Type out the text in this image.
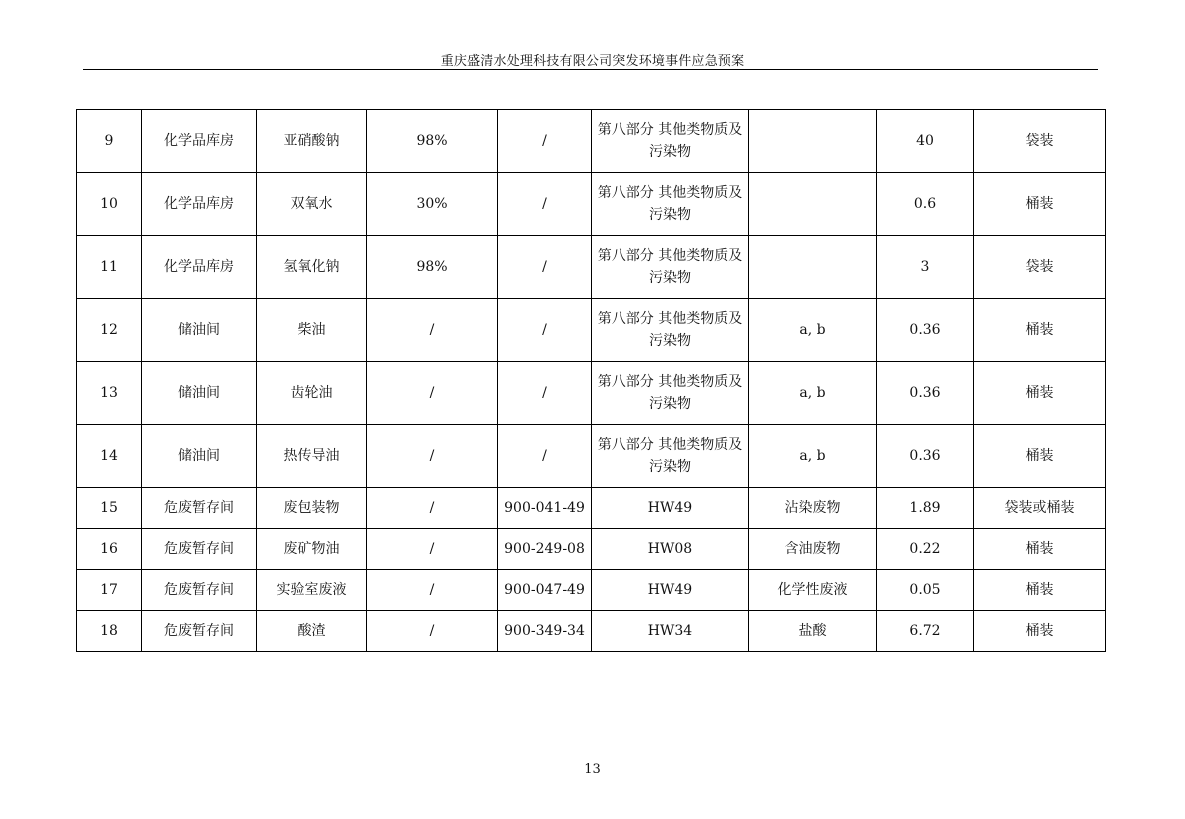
重庆盛清水处理科技有限公司突发环境事件应急预案
9	化学品库房	亚硝酸钠	98%	/	第八部分 其他类物质及污染物		40	袋装
10	化学品库房	双氧水	30%	/	第八部分 其他类物质及污染物		0.6	桶装
11	化学品库房	氢氧化钠	98%	/	第八部分 其他类物质及污染物		3	袋装
12	储油间	柴油	/	/	第八部分 其他类物质及污染物	a, b	0.36	桶装
13	储油间	齿轮油	/	/	第八部分 其他类物质及污染物	a, b	0.36	桶装
14	储油间	热传导油	/	/	第八部分 其他类物质及污染物	a, b	0.36	桶装
15	危废暂存间	废包装物	/	900-041-49	HW49	沾染废物	1.89	袋装或桶装
16	危废暂存间	废矿物油	/	900-249-08	HW08	含油废物	0.22	桶装
17	危废暂存间	实验室废液	/	900-047-49	HW49	化学性废液	0.05	桶装
18	危废暂存间	酸渣	/	900-349-34	HW34	盐酸	6.72	桶装
13
